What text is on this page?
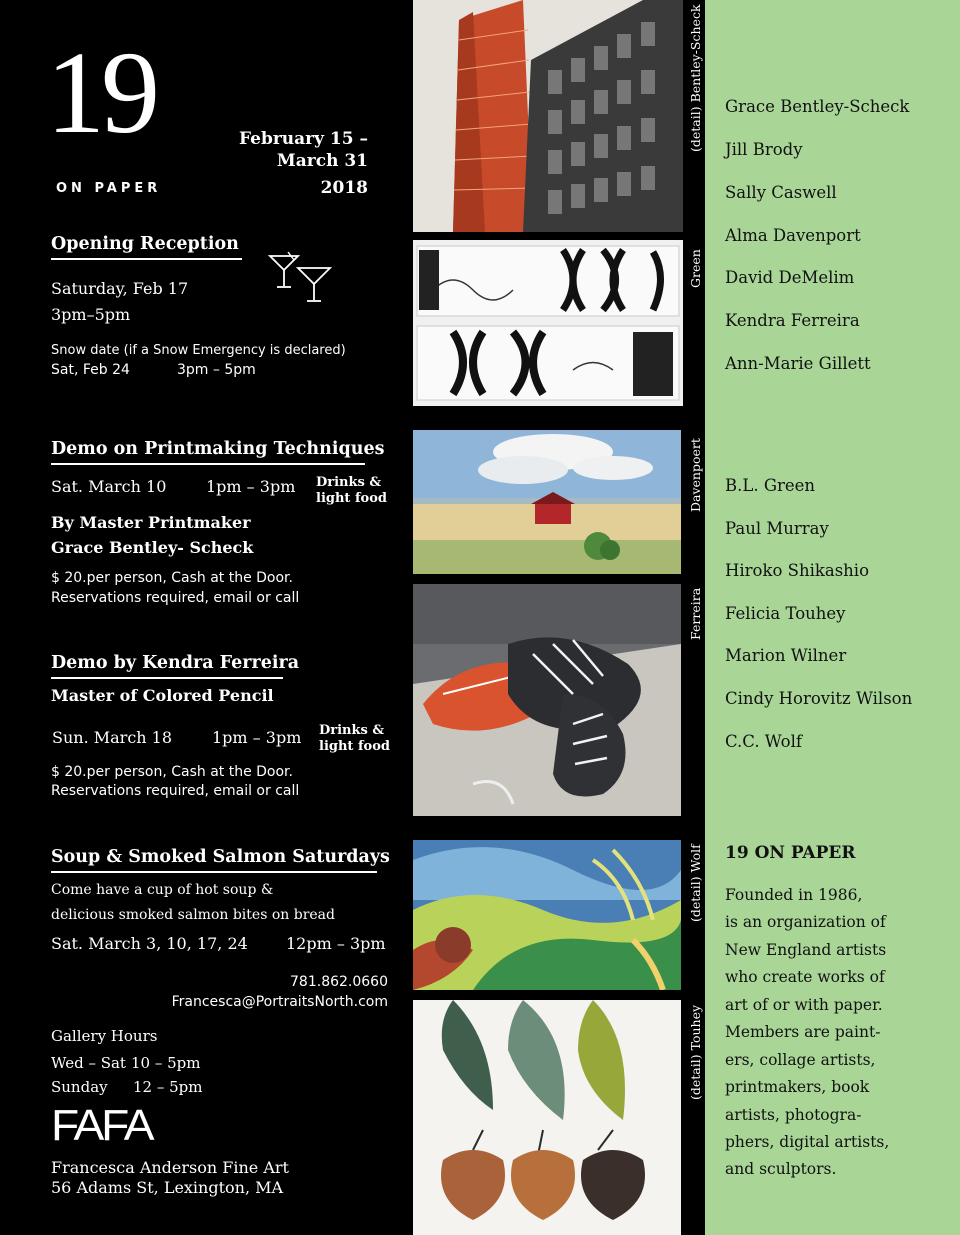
19
ON PAPER
February 15 –
March 31
2018
Opening Reception
Saturday, Feb 17
3pm–5pm
Snow date (if a Snow Emergency is declared)
Sat, Feb 24	3pm – 5pm
Demo on Printmaking Techniques
Sat. March 10 1pm – 3pm Drinks &
light food
By Master Printmaker
Grace Bentley- Scheck
$ 20.per person, Cash at the Door.
Reservations required, email or call
Demo by Kendra Ferreira
Master of Colored Pencil
Sun. March 18 1pm – 3pm Drinks &
light food
$ 20.per person, Cash at the Door.
Reservations required, email or call
Soup & Smoked Salmon Saturdays
Come have a cup of hot soup &
delicious smoked salmon bites on bread
Sat. March 3, 10, 17, 24 12pm – 3pm
781.862.0660
Francesca@PortraitsNorth.com
Gallery Hours
Wed – Sat 10 – 5pm
Sunday 12 – 5pm
FAFA
Francesca Anderson Fine Art
56 Adams St, Lexington, MA
(detail) Bentley-Scheck
Green
Davenpoert
Ferreira
(detail) Wolf
(detail) Touhey
Grace Bentley-Scheck
Jill Brody
Sally Caswell
Alma Davenport
David DeMelim
Kendra Ferreira
Ann-Marie Gillett
B.L. Green
Paul Murray
Hiroko Shikashio
Felicia Touhey
Marion Wilner
Cindy Horovitz Wilson
C.C. Wolf
19 ON PAPER
Founded in 1986,
is an organization of
New England artists
who create works of
art of or with paper.
Members are paint-
ers, collage artists,
printmakers, book
artists, photogra-
phers, digital artists,
and sculptors.
